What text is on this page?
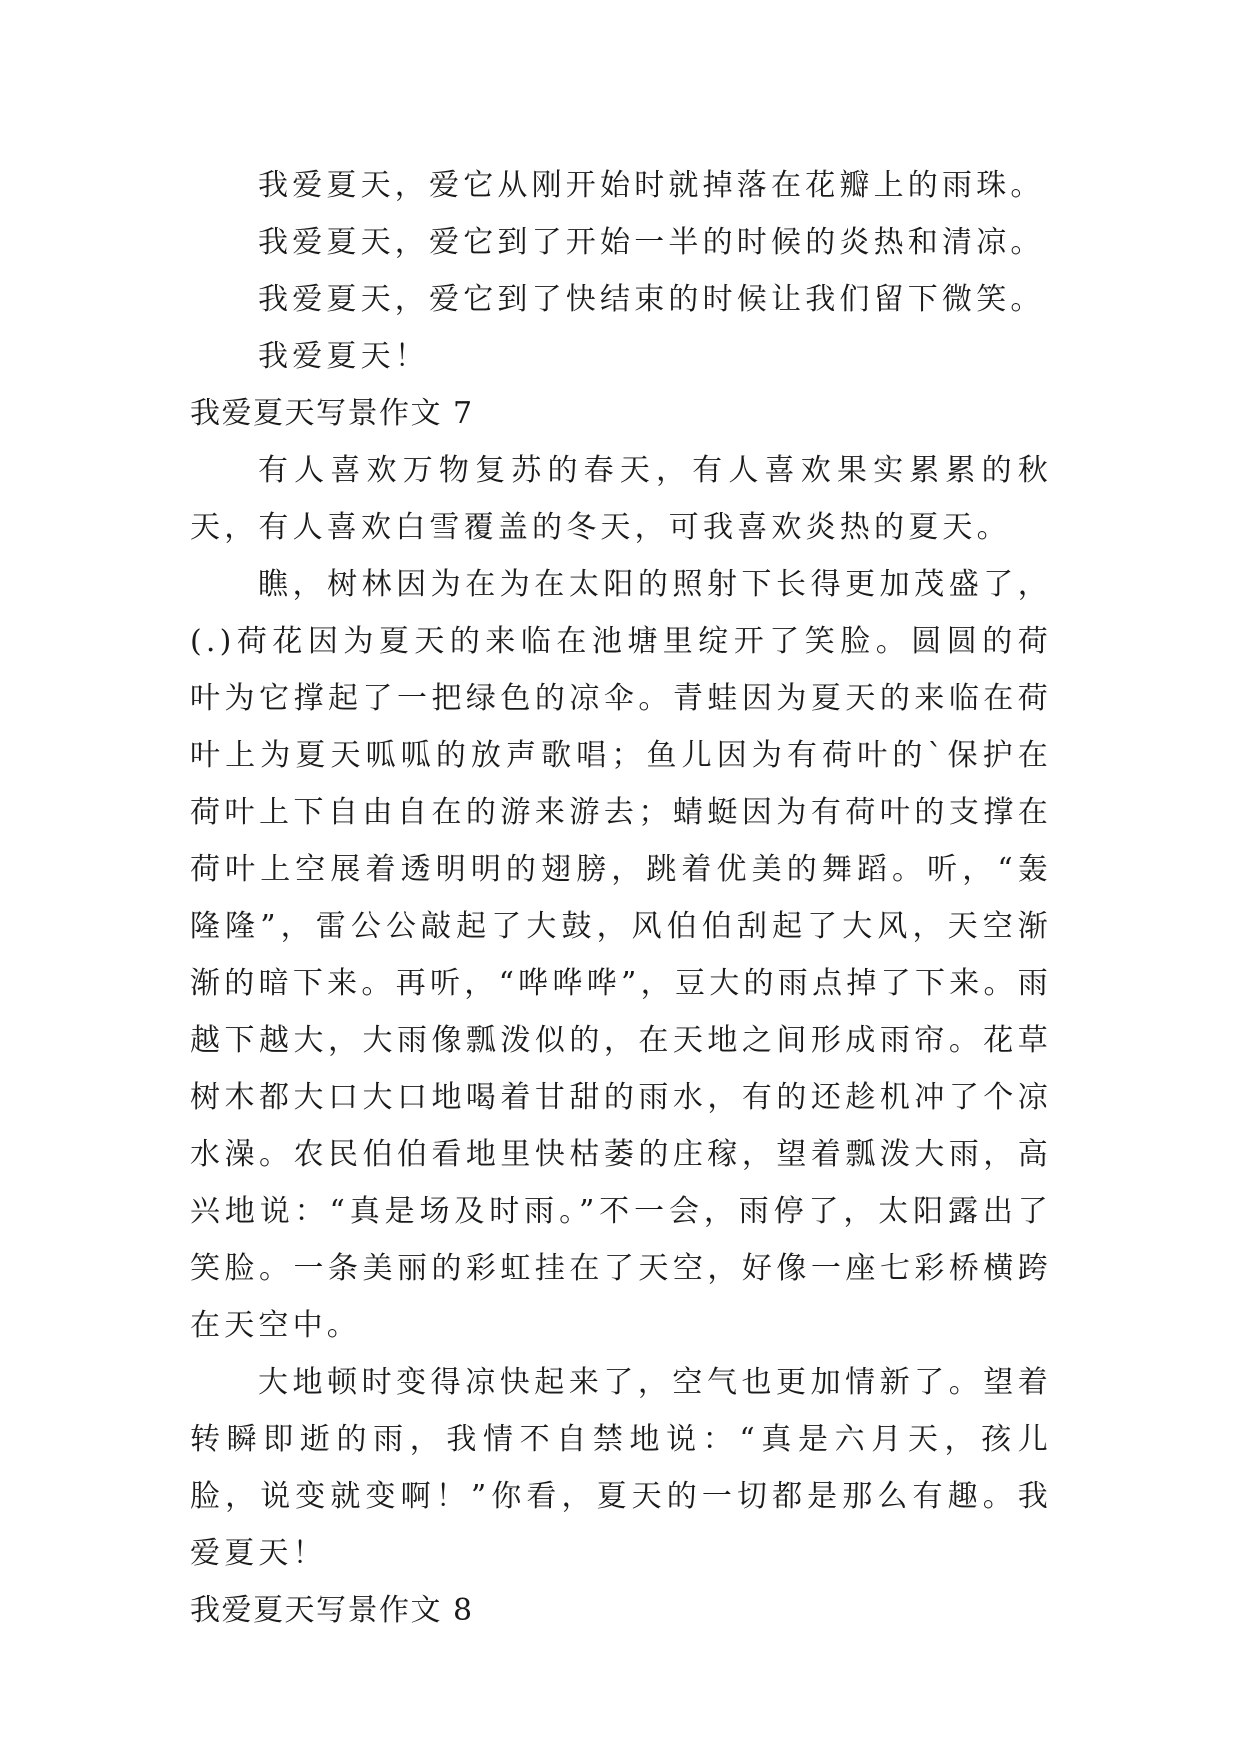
我爱夏天，爱它从刚开始时就掉落在花瓣上的雨珠。

我爱夏天，爱它到了开始一半的时候的炎热和清凉。

我爱夏天，爱它到了快结束的时候让我们留下微笑。

我爱夏天！

我爱夏天写景作文 7

有人喜欢万物复苏的春天，有人喜欢果实累累的秋天，有人喜欢白雪覆盖的冬天，可我喜欢炎热的夏天。

瞧，树林因为在为在太阳的照射下长得更加茂盛了，(.)荷花因为夏天的来临在池塘里绽开了笑脸。圆圆的荷叶为它撑起了一把绿色的凉伞。青蛙因为夏天的来临在荷叶上为夏天呱呱的放声歌唱；鱼儿因为有荷叶的`保护在荷叶上下自由自在的游来游去；蜻蜓因为有荷叶的支撑在荷叶上空展着透明明的翅膀，跳着优美的舞蹈。听，“轰隆隆”，雷公公敲起了大鼓，风伯伯刮起了大风，天空渐渐的暗下来。再听，“哗哗哗”，豆大的雨点掉了下来。雨越下越大，大雨像瓢泼似的，在天地之间形成雨帘。花草树木都大口大口地喝着甘甜的雨水，有的还趁机冲了个凉水澡。农民伯伯看地里快枯萎的庄稼，望着瓢泼大雨，高兴地说：“真是场及时雨。”不一会，雨停了，太阳露出了笑脸。一条美丽的彩虹挂在了天空，好像一座七彩桥横跨在天空中。

大地顿时变得凉快起来了，空气也更加情新了。望着转瞬即逝的雨，我情不自禁地说：“真是六月天，孩儿脸，说变就变啊！”你看，夏天的一切都是那么有趣。我爱夏天！

我爱夏天写景作文 8
